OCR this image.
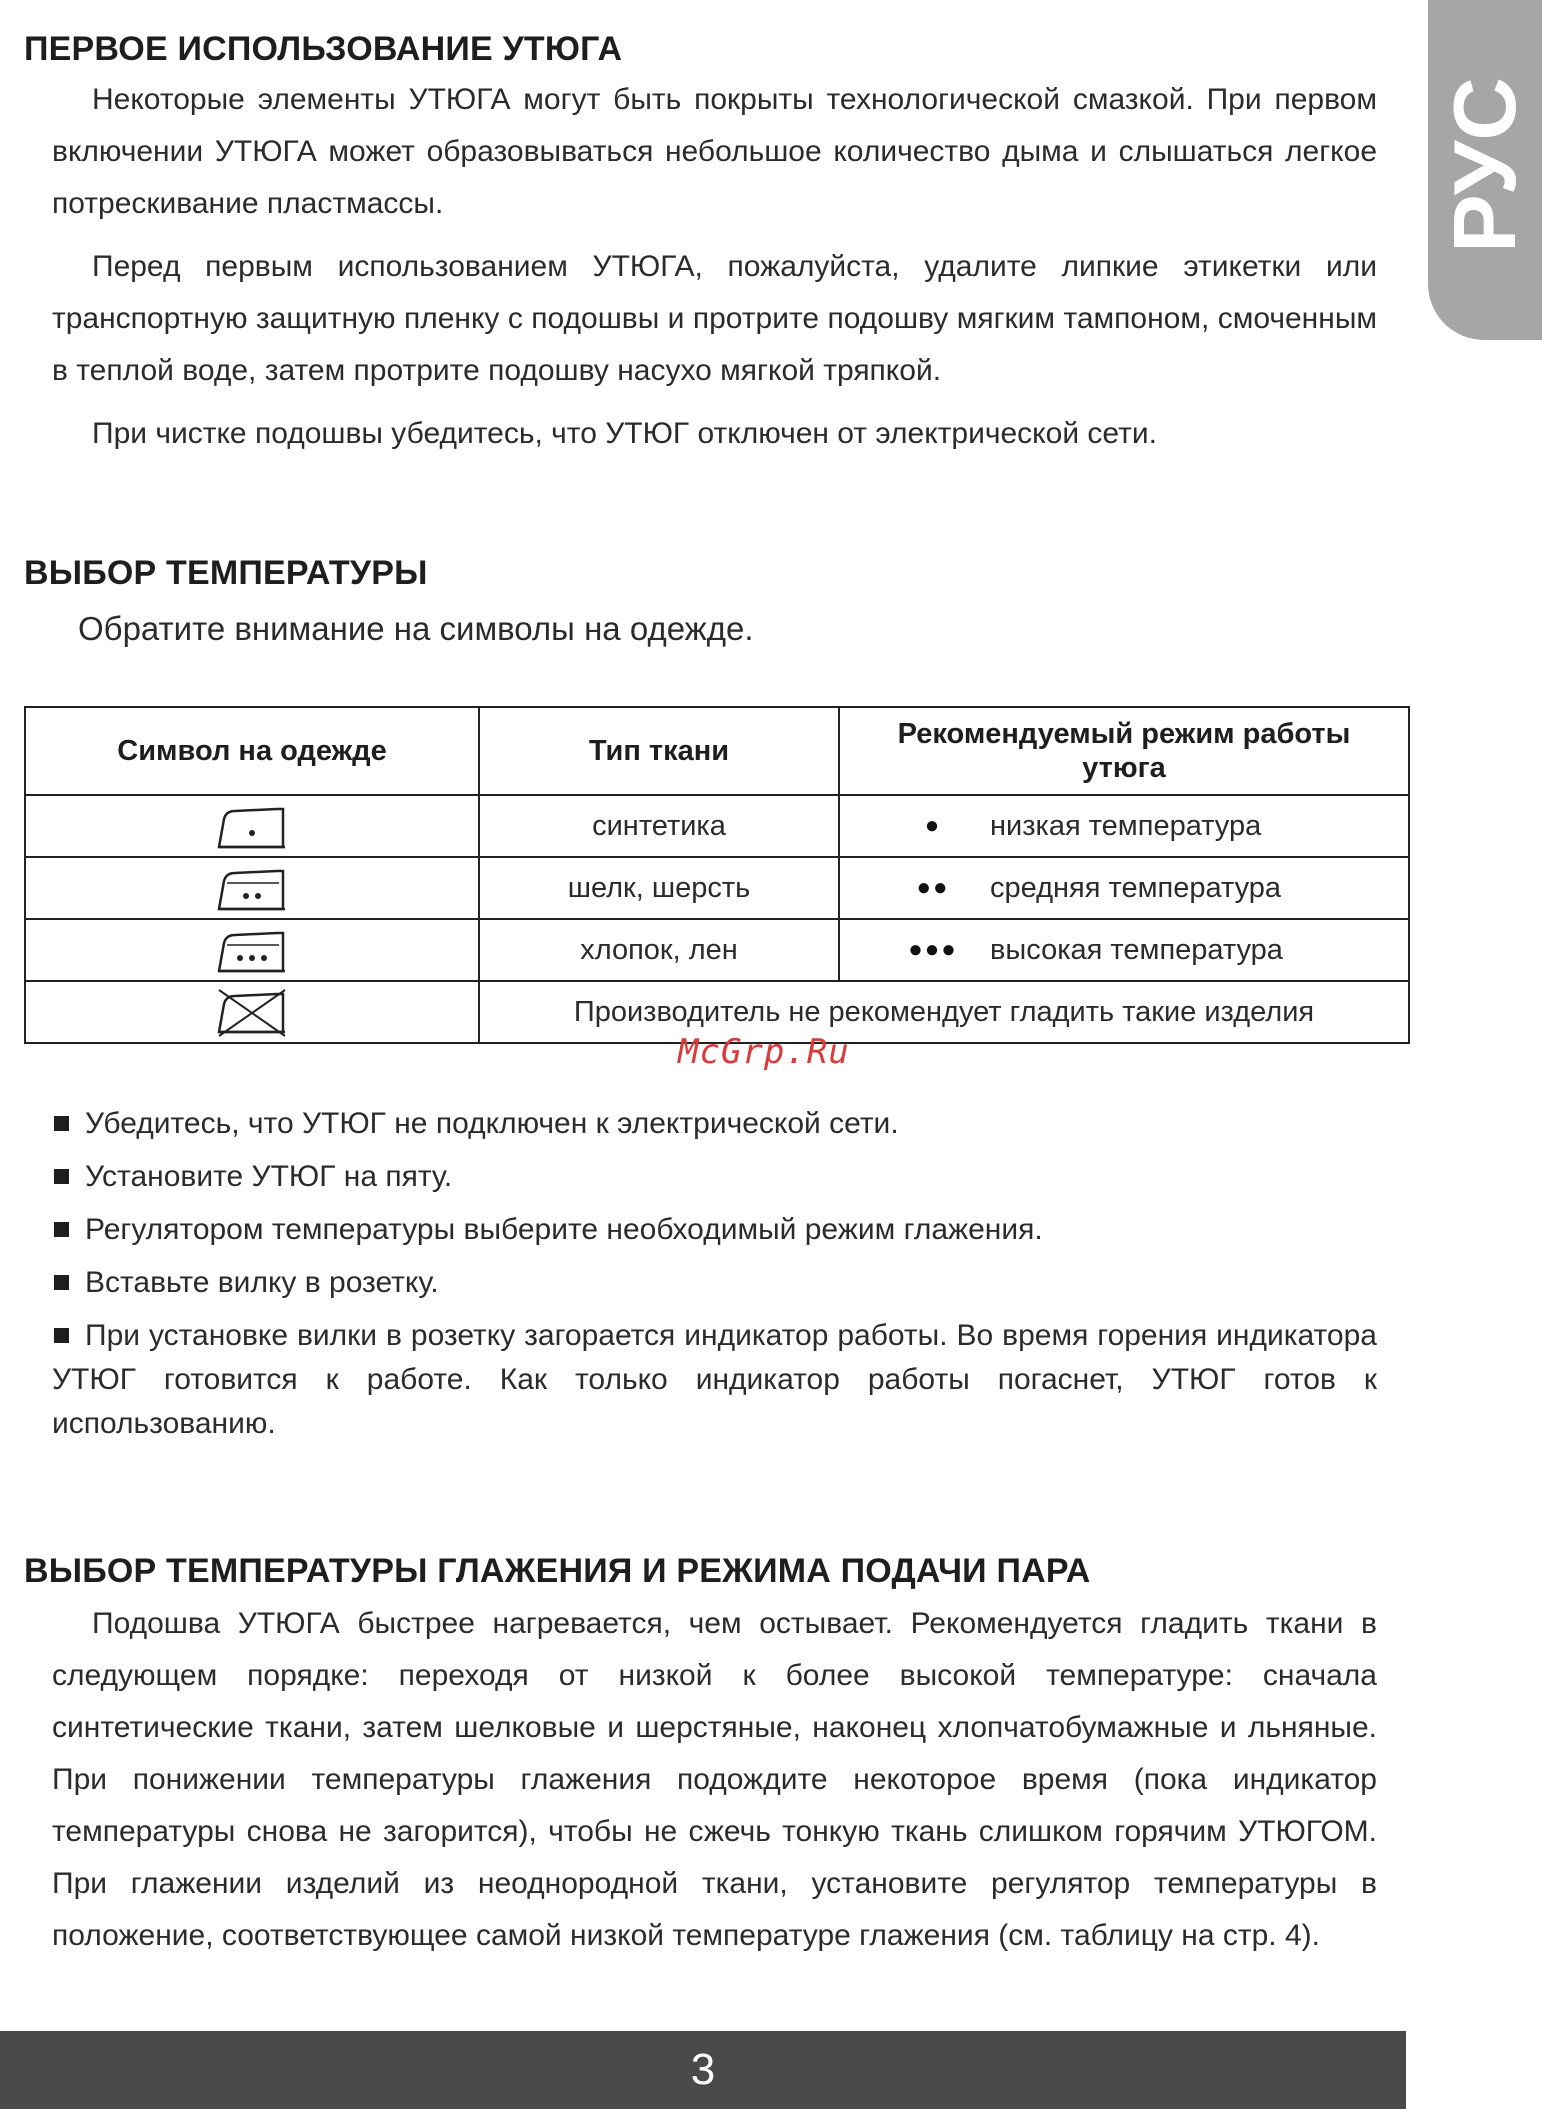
РУС
ПЕРВОЕ ИСПОЛЬЗОВАНИЕ УТЮГА

Некоторые элементы УТЮГА могут быть покрыты технологической смазкой. При первом включении УТЮГА может образовываться небольшое количество дыма и слышаться легкое потрескивание пластмассы.

Перед первым использованием УТЮГА, пожалуйста, удалите липкие этикетки или транспортную защитную пленку с подошвы и протрите подошву мягким тампоном, смоченным в теплой воде, затем протрите подошву насухо мягкой тряпкой.

При чистке подошвы убедитесь, что УТЮГ отключен от электрической сети.

ВЫБОР ТЕМПЕРАТУРЫ

Обратите внимание на символы на одежде.

Символ на одежде	Тип ткани	Рекомендуемый режим работы утюга

	синтетика	● низкая температура

	шелк, шерсть	●● средняя температура

	хлопок, лен	●●● высокая температура

	Производитель не рекомендует гладить такие изделия	
McGrp.Ru
Убедитесь, что УТЮГ не подключен к электрической сети.
Установите УТЮГ на пяту.
Регулятором температуры выберите необходимый режим глажения.
Вставьте вилку в розетку.
При установке вилки в розетку загорается индикатор работы. Во время горения индикатора УТЮГ готовится к работе. Как только индикатор работы погаснет, УТЮГ готов к использованию.
ВЫБОР ТЕМПЕРАТУРЫ ГЛАЖЕНИЯ И РЕЖИМА ПОДАЧИ ПАРА

Подошва УТЮГА быстрее нагревается, чем остывает. Рекомендуется гладить ткани в следующем порядке: переходя от низкой к более высокой температуре: сначала синтетические ткани, затем шелковые и шерстяные, наконец хлопчатобумажные и льняные. При понижении температуры глажения подождите некоторое время (пока индикатор температуры снова не загорится), чтобы не сжечь тонкую ткань слишком горячим УТЮГОМ. При глажении изделий из неоднородной ткани, установите регулятор температуры в положение, соответствующее самой низкой температуре глажения (см. таблицу на стр. 4).

3
